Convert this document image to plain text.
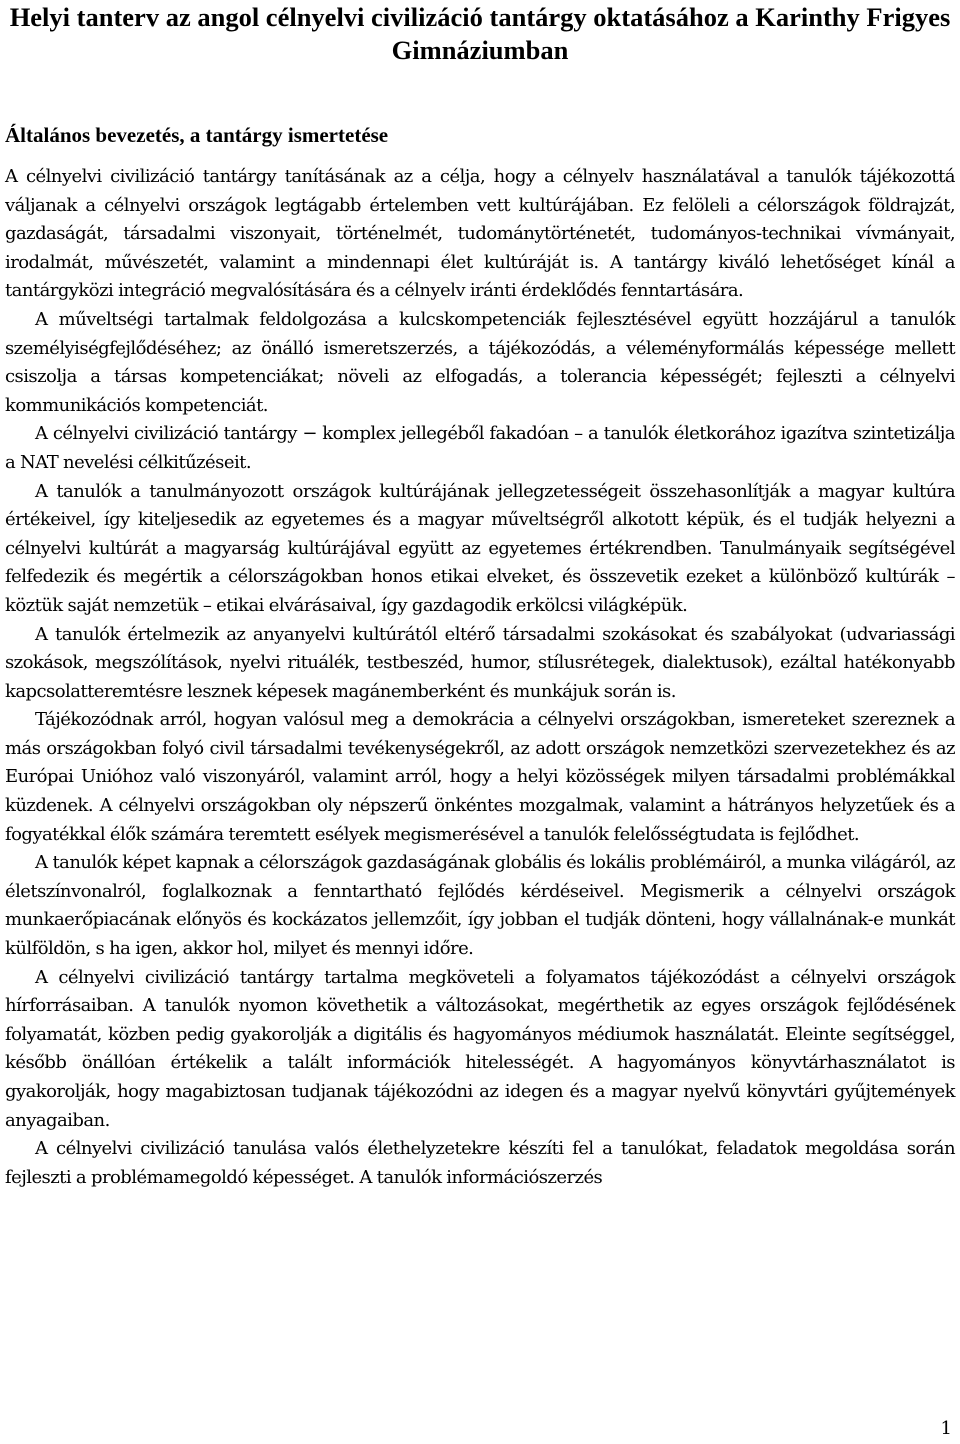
Helyi tanterv az angol célnyelvi civilizáció tantárgy oktatásához a Karinthy Frigyes Gimnáziumban
Általános bevezetés, a tantárgy ismertetése

A célnyelvi civilizáció tantárgy tanításának az a célja, hogy a célnyelv használatával a tanulók tájékozottá váljanak a célnyelvi országok legtágabb értelemben vett kultúrájában. Ez felöleli a célországok földrajzát, gazdaságát, társadalmi viszonyait, történelmét, tudománytörténetét, tudományos-technikai vívmányait, irodalmát, művészetét, valamint a mindennapi élet kultúráját is. A tantárgy kiváló lehetőséget kínál a tantárgyközi integráció megvalósítására és a célnyelv iránti érdeklődés fenntartására.

A műveltségi tartalmak feldolgozása a kulcskompetenciák fejlesztésével együtt hozzájárul a tanulók személyiségfejlődéséhez; az önálló ismeretszerzés, a tájékozódás, a véleményformálás képessége mellett csiszolja a társas kompetenciákat; növeli az elfogadás, a tolerancia képességét; fejleszti a célnyelvi kommunikációs kompetenciát.

A célnyelvi civilizáció tantárgy − komplex jellegéből fakadóan – a tanulók életkorához igazítva szintetizálja a NAT nevelési célkitűzéseit.

A tanulók a tanulmányozott országok kultúrájának jellegzetességeit összehasonlítják a magyar kultúra értékeivel, így kiteljesedik az egyetemes és a magyar műveltségről alkotott képük, és el tudják helyezni a célnyelvi kultúrát a magyarság kultúrájával együtt az egyetemes értékrendben. Tanulmányaik segítségével felfedezik és megértik a célországokban honos etikai elveket, és összevetik ezeket a különböző kultúrák – köztük saját nemzetük – etikai elvárásaival, így gazdagodik erkölcsi világképük.

A tanulók értelmezik az anyanyelvi kultúrától eltérő társadalmi szokásokat és szabályokat (udvariassági szokások, megszólítások, nyelvi rituálék, testbeszéd, humor, stílusrétegek, dialektusok), ezáltal hatékonyabb kapcsolatteremtésre lesznek képesek magánemberként és munkájuk során is.

Tájékozódnak arról, hogyan valósul meg a demokrácia a célnyelvi országokban, ismereteket szereznek a más országokban folyó civil társadalmi tevékenységekről, az adott országok nemzetközi szervezetekhez és az Európai Unióhoz való viszonyáról, valamint arról, hogy a helyi közösségek milyen társadalmi problémákkal küzdenek. A célnyelvi országokban oly népszerű önkéntes mozgalmak, valamint a hátrányos helyzetűek és a fogyatékkal élők számára teremtett esélyek megismerésével a tanulók felelősségtudata is fejlődhet.

A tanulók képet kapnak a célországok gazdaságának globális és lokális problémáiról, a munka világáról, az életszínvonalról, foglalkoznak a fenntartható fejlődés kérdéseivel. Megismerik a célnyelvi országok munkaerőpiacának előnyös és kockázatos jellemzőit, így jobban el tudják dönteni, hogy vállalnának-e munkát külföldön, s ha igen, akkor hol, milyet és mennyi időre.

A célnyelvi civilizáció tantárgy tartalma megköveteli a folyamatos tájékozódást a célnyelvi országok hírforrásaiban. A tanulók nyomon követhetik a változásokat, megérthetik az egyes országok fejlődésének folyamatát, közben pedig gyakorolják a digitális és hagyományos médiumok használatát. Eleinte segítséggel, később önállóan értékelik a talált információk hitelességét. A hagyományos könyvtárhasználatot is gyakorolják, hogy magabiztosan tudjanak tájékozódni az idegen és a magyar nyelvű könyvtári gyűjtemények anyagaiban.

A célnyelvi civilizáció tanulása valós élethelyzetekre készíti fel a tanulókat, feladatok megoldása során fejleszti a problémamegoldó képességet. A tanulók információszerzés

1
